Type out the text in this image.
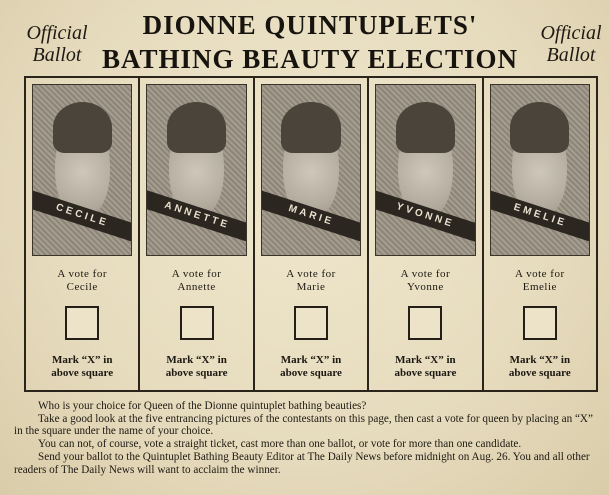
Official Ballot
Official Ballot
DIONNE QUINTUPLETS'
BATHING BEAUTY ELECTION
CECILE
A vote for
Cecile
Mark “X” in
above square
ANNETTE
A vote for
Annette
Mark “X” in
above square
MARIE
A vote for
Marie
Mark “X” in
above square
YVONNE
A vote for
Yvonne
Mark “X” in
above square
EMELIE
A vote for
Emelie
Mark “X” in
above square

Who is your choice for Queen of the Dionne quintuplet bathing beauties?

Take a good look at the five entrancing pictures of the contestants on this page, then cast a vote for queen by placing an “X” in the square under the name of your choice.

You can not, of course, vote a straight ticket, cast more than one ballot, or vote for more than one candidate.

Send your ballot to the Quintuplet Bathing Beauty Editor at The Daily News before midnight on Aug. 26. You and all other readers of The Daily News will want to acclaim the winner.
